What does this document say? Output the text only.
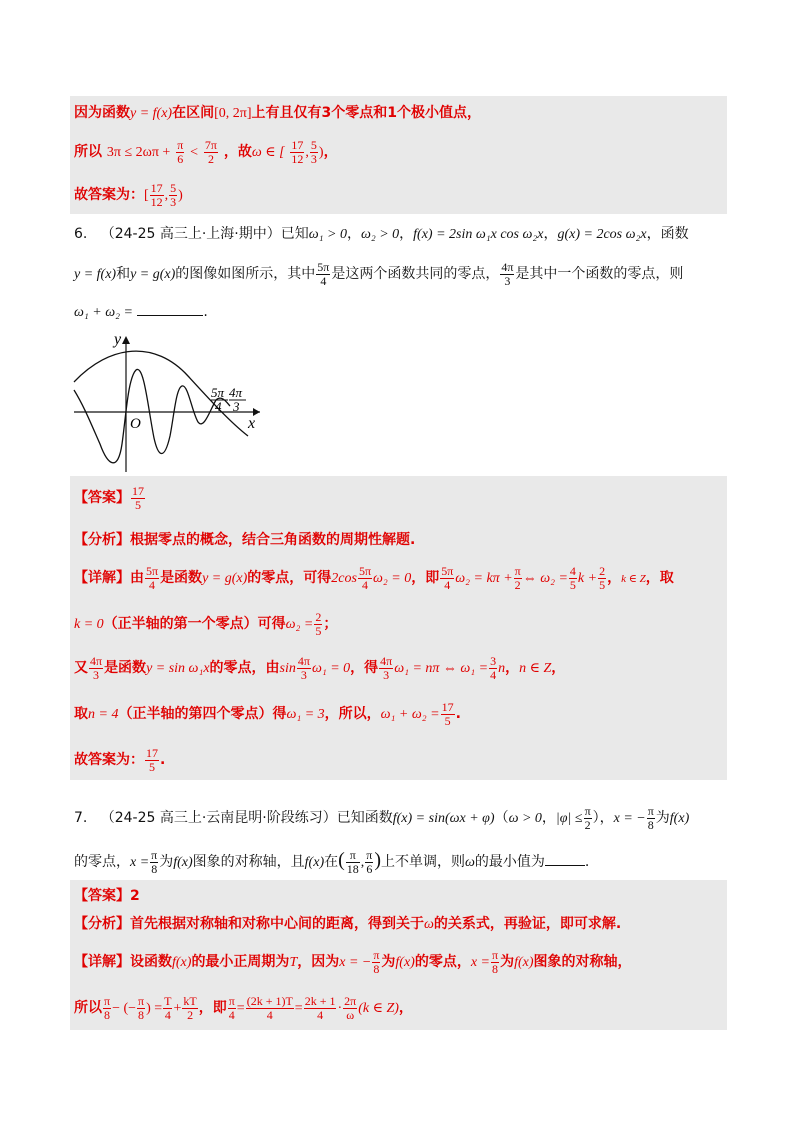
因为函数y = f(x)在区间[0, 2π]上有且仅有3个零点和1个极小值点，
所以 $3\pi \le 2\omega\pi + \frac{\pi}{6} < \frac{7\pi}{2}$ ，故ω ∈ [ $\frac{17}{12}$ , $\frac{5}{3}$ )，
故答案为：[ $\frac{17}{12}$ , $\frac{5}{3}$ )
6. （24-25 高三上·上海·期中）已知ω₁ > 0，ω₂ > 0，f(x) = 2sin ω₁x cos ω₂x，g(x) = 2cos ω₂x，函数
y = f(x)和y = g(x)的图像如图所示，其中 $\frac{5\pi}{4}$ 是这两个函数共同的零点， $\frac{4\pi}{3}$ 是其中一个函数的零点，则
ω₁ + ω₂ =	.
y
x
O
5π
4
4π
3
【答案】 $\frac{17}{5}$
【分析】根据零点的概念，结合三角函数的周期性解题.
【详解】由 $\frac{5\pi}{4}$ 是函数y = g(x)的零点，可得$2\cos \frac{5\pi}{4} \omega_2 = 0$，即 $\frac{5\pi}{4} \omega_2 = k\pi + \frac{\pi}{2}$ ⇔ $\omega_2 = \frac{4}{5}$ $k + \frac{2}{5}$ ，k ∈ Z，取
k = 0（正半轴的第一个零点）可得$\omega_2 = \frac{2}{5}$ ；
又 $\frac{4\pi}{3}$ 是函数y = sin ω₁x的零点，由$\sin \frac{4\pi}{3} \omega_1 = 0$，得 $\frac{4\pi}{3} \omega_1 = n\pi$ ⇔ $\omega_1 = \frac{3}{4}$ n，n ∈ Z，
取n = 4（正半轴的第四个零点）得ω₁ = 3，所以，$\omega_1 + \omega_2 = \frac{17}{5}$ .
故答案为： $\frac{17}{5}$ .
7. （24-25 高三上·云南昆明·阶段练习）已知函数f(x) = sin(ωx + φ)（ω > 0，$|\varphi| \le \frac{\pi}{2}$ ），x = − $\frac{\pi}{8}$ 为f(x)
的零点，$x = \frac{\pi}{8}$ 为f(x)图象的对称轴，且f(x)在( $\frac{\pi}{18}$ , $\frac{\pi}{6}$ )上不单调，则ω的最小值为	.
【答案】2
【分析】首先根据对称轴和对称中心间的距离，得到关于ω的关系式，再验证，即可求解.
【详解】设函数f(x)的最小正周期为T，因为x = − $\frac{\pi}{8}$ 为f(x)的零点，$x = \frac{\pi}{8}$ 为f(x)图象的对称轴，
所以 $\frac{\pi}{8}$ − (− $\frac{\pi}{8}$ ) = $\frac{T}{4} + \frac{kT}{2}$ ，即 $\frac{\pi}{4} = \frac{(2k + 1)T}{4} = \frac{2k + 1}{4} \cdot \frac{2\pi}{\omega} (k$ ∈ Z)，
